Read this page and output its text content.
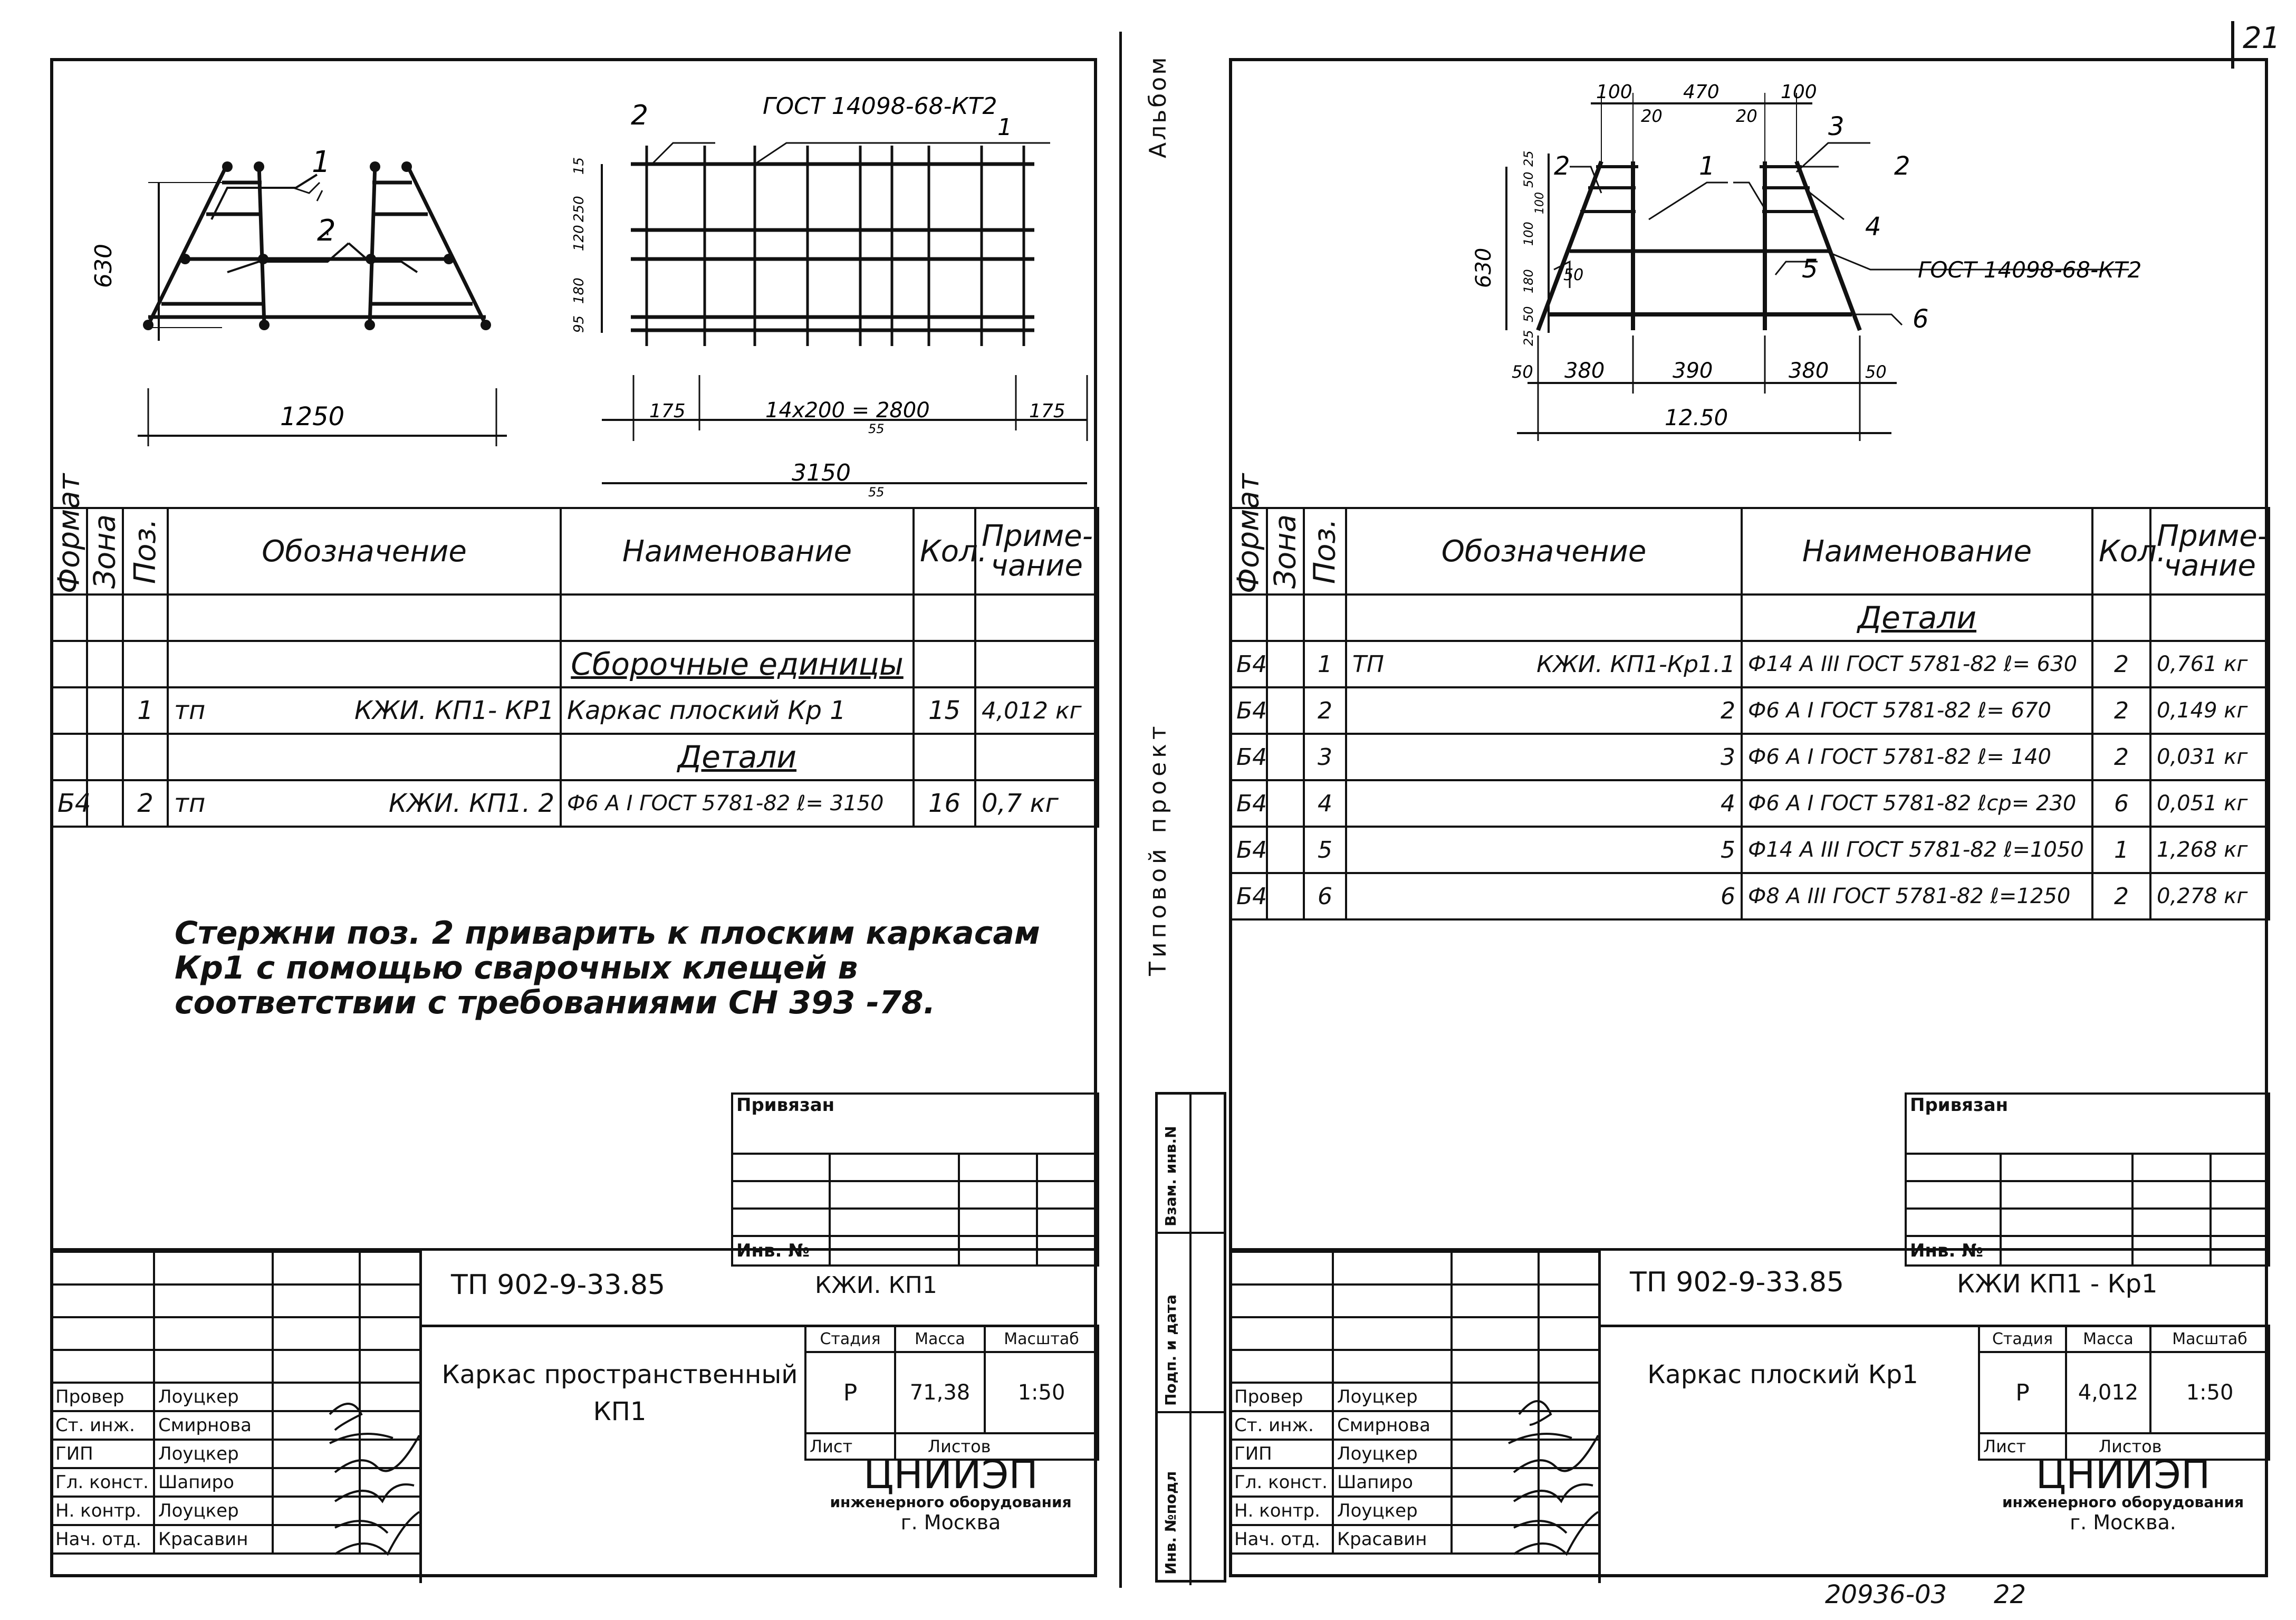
21
1
2
630
1250
2	1
ГОСТ 14098-68-КТ2
15
250
120
180
95
175	14х200 = 2800	175
3150
55
55
Формат	Зона	Поз.	Обозначение	Наименование	Кол.	Приме-чание

				Сборочные единицы		
		1	тп КЖИ. КП1- КР1	Каркас плоский Кр 1	15	4,012 кг
				Детали		
Б4		2	тп КЖИ. КП1. 2	Ф6 А I ГОСТ 5781-82 ℓ= 3150	16	0,7 кг
Стержни поз. 2 приварить к плоским каркасам Кр1 с помощью сварочных клещей в соответствии с требованиями СН 393 -78.
Привязан			

Инв. №			

Провер	Лоуцкер		
Ст. инж.	Смирнова		
ГИП	Лоуцкер		
Гл. конст.	Шапиро		
Н. контр.	Лоуцкер		
Нач. отд.	Красавин		
ТП 902-9-33.85	КЖИ. КП1
Каркас пространственный КП1
Стадия	Масса	Масштаб
Р	71,38	1:50
Лист	Листов	
ЦНИИЭП
инженерного оборудования
г. Москва
Альбом
Типовой проект
Взам. инв.N
Подп. и дата
Инв. №подл
100	470	100
20	20	3
2
2	1
4
5
6
ГОСТ 14098-68-КТ2
630
25
50
100
100
180
50
25
50
50 380	390	380 50
12.50
Формат	Зона	Поз.	Обозначение	Наименование	Кол.	Приме-чание
				Детали		
Б4		1	ТП КЖИ. КП1-Кр1.1	Ф14 А III ГОСТ 5781-82 ℓ= 630	2	0,761 кг
Б4		2	2	Ф6 А I ГОСТ 5781-82 ℓ= 670	2	0,149 кг
Б4		3	3	Ф6 А I ГОСТ 5781-82 ℓ= 140	2	0,031 кг
Б4		4	4	Ф6 А I ГОСТ 5781-82 ℓср= 230	6	0,051 кг
Б4		5	5	Ф14 А III ГОСТ 5781-82 ℓ=1050	1	1,268 кг
Б4		6	6	Ф8 А III ГОСТ 5781-82 ℓ=1250	2	0,278 кг
Привязан			

Инв. №			

Провер	Лоуцкер		
Ст. инж.	Смирнова		
ГИП	Лоуцкер		
Гл. конст.	Шапиро		
Н. контр.	Лоуцкер		
Нач. отд.	Красавин		
ТП 902-9-33.85	КЖИ КП1 - Кр1
Каркас плоский Кр1
Стадия	Масса	Масштаб
Р	4,012	1:50
Лист	Листов	
ЦНИИЭП
инженерного оборудования
г. Москва.
20936-03 22
